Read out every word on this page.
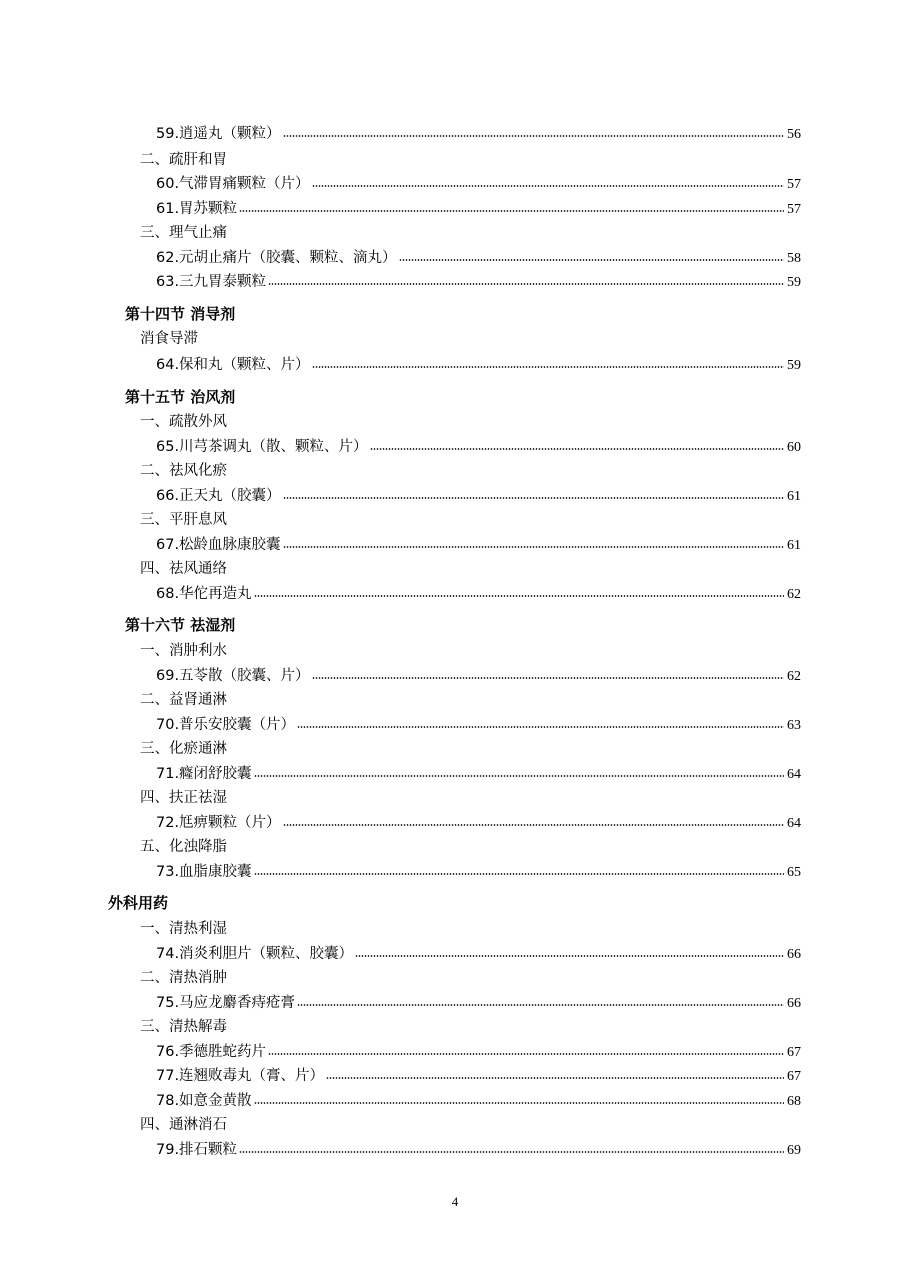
59.逍遥丸（颗粒）	56
二、疏肝和胃
60.气滞胃痛颗粒（片）	57
61.胃苏颗粒	57
三、理气止痛
62.元胡止痛片（胶囊、颗粒、滴丸）	58
63.三九胃泰颗粒	59
第十四节 消导剂
消食导滞
64.保和丸（颗粒、片）	59
第十五节 治风剂
一、疏散外风
65.川芎茶调丸（散、颗粒、片）	60
二、祛风化瘀
66.正天丸（胶囊）	61
三、平肝息风
67.松龄血脉康胶囊	61
四、祛风通络
68.华佗再造丸	62
第十六节 祛湿剂
一、消肿利水
69.五苓散（胶囊、片）	62
二、益肾通淋
70.普乐安胶囊（片）	63
三、化瘀通淋
71.癃闭舒胶囊	64
四、扶正祛湿
72.尪痹颗粒（片）	64
五、化浊降脂
73.血脂康胶囊	65
外科用药
一、清热利湿
74.消炎利胆片（颗粒、胶囊）	66
二、清热消肿
75.马应龙麝香痔疮膏	66
三、清热解毒
76.季德胜蛇药片	67
77.连翘败毒丸（膏、片）	67
78.如意金黄散	68
四、通淋消石
79.排石颗粒	69
4
